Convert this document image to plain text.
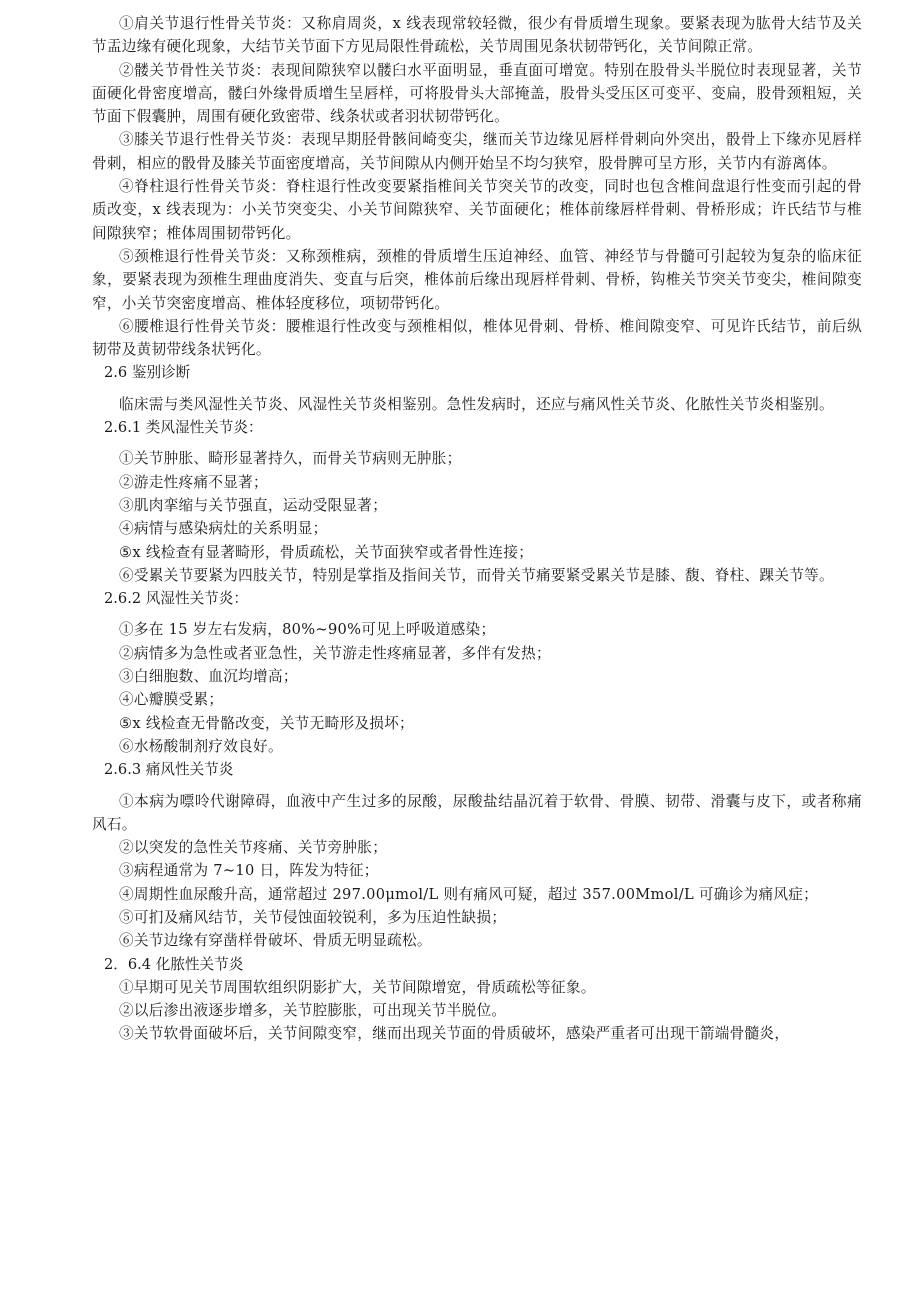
①肩关节退行性骨关节炎：又称肩周炎，x 线表现常较轻微，很少有骨质增生现象。要紧表现为肱骨大结节及关节盂边缘有硬化现象，大结节关节面下方见局限性骨疏松，关节周围见条状韧带钙化，关节间隙正常。

②髅关节骨性关节炎：表现间隙狭窄以髅臼水平面明显，垂直面可增宽。特别在股骨头半脱位时表现显著，关节面硬化骨密度增高，髅臼外缘骨质增生呈唇样，可将股骨头大部掩盖，股骨头受压区可变平、变扁，股骨颈粗短，关节面下假囊肿，周围有硬化致密带、线条状或者羽状韧带钙化。

③膝关节退行性骨关节炎：表现早期胫骨骸间崎变尖，继而关节边缘见唇样骨刺向外突出，骰骨上下缘亦见唇样骨刺，相应的骰骨及膝关节面密度增高，关节间隙从内侧开始呈不均匀狭窄，股骨脾可呈方形，关节内有游离体。

④脊柱退行性骨关节炎：脊柱退行性改变要紧指椎间关节突关节的改变，同时也包含椎间盘退行性变而引起的骨质改变，x 线表现为：小关节突变尖、小关节间隙狭窄、关节面硬化；椎体前缘唇样骨刺、骨桥形成；许氏结节与椎间隙狭窄；椎体周围韧带钙化。

⑤颈椎退行性骨关节炎：又称颈椎病，颈椎的骨质增生压迫神经、血管、神经节与骨髓可引起较为复杂的临床征象，要紧表现为颈椎生理曲度消失、变直与后突，椎体前后缘出现唇样骨刺、骨桥，钩椎关节突关节变尖，椎间隙变窄，小关节突密度增高、椎体轻度移位，项韧带钙化。

⑥腰椎退行性骨关节炎：腰椎退行性改变与颈椎相似，椎体见骨刺、骨桥、椎间隙变窄、可见许氏结节，前后纵韧带及黄韧带线条状钙化。

2.6 鉴别诊断

临床需与类风湿性关节炎、风湿性关节炎相鉴别。急性发病时，还应与痛风性关节炎、化脓性关节炎相鉴别。

2.6.1 类风湿性关节炎：

①关节肿胀、畸形显著持久，而骨关节病则无肿胀；

②游走性疼痛不显著；

③肌肉挛缩与关节强直，运动受限显著；

④病情与感染病灶的关系明显；

⑤x 线检查有显著畸形，骨质疏松，关节面狭窄或者骨性连接；

⑥受累关节要紧为四肢关节，特别是掌指及指间关节，而骨关节痛要紧受累关节是膝、馥、脊柱、踝关节等。

2.6.2 风湿性关节炎：

①多在 15 岁左右发病，80%~90%可见上呼吸道感染；

②病情多为急性或者亚急性，关节游走性疼痛显著，多伴有发热；

③白细胞数、血沉均增高；

④心瓣膜受累；

⑤x 线检查无骨骼改变，关节无畸形及损坏；

⑥水杨酸制剂疗效良好。

2.6.3 痛风性关节炎

①本病为嘌呤代谢障碍，血液中产生过多的尿酸，尿酸盐结晶沉着于软骨、骨膜、韧带、滑囊与皮下，或者称痛风石。

②以突发的急性关节疼痛、关节旁肿胀；

③病程通常为 7~10 日，阵发为特征；

④周期性血尿酸升高，通常超过 297.00μmol/L 则有痛风可疑，超过 357.00Mmol/L 可确诊为痛风症；

⑤可扪及痛风结节，关节侵蚀面较锐利，多为压迫性缺损；

⑥关节边缘有穿凿样骨破坏、骨质无明显疏松。

2．6.4 化脓性关节炎

①早期可见关节周围软组织阴影扩大，关节间隙增宽，骨质疏松等征象。

②以后渗出液逐步增多，关节腔膨胀，可出现关节半脱位。

③关节软骨面破坏后，关节间隙变窄，继而出现关节面的骨质破坏，感染严重者可出现干箭端骨髓炎，
